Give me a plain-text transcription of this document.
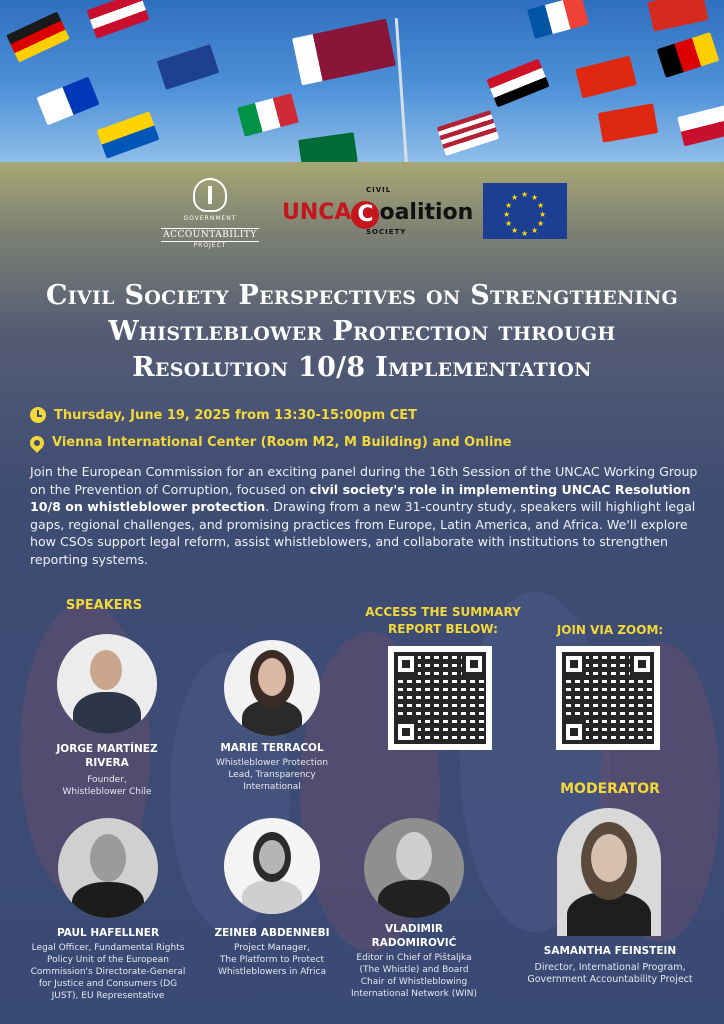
GOVERNMENT
ACCOUNTABILITY
PROJECT
CIVIL
UNCA C oalition
SOCIETY
★ ★
★
★
★
★
★
★
★
★
★
★
Civil Society Perspectives on Strengthening
Whistleblower Protection through
Resolution 10/8 Implementation
Thursday, June 19, 2025 from 13:30-15:00pm CET
Vienna International Center (Room M2, M Building) and Online
Join the European Commission for an exciting panel during the 16th Session of the UNCAC Working Group on the Prevention of Corruption, focused on civil society's role in implementing UNCAC Resolution 10/8 on whistleblower protection. Drawing from a new 31-country study, speakers will highlight legal gaps, regional challenges, and promising practices from Europe, Latin America, and Africa. We'll explore how CSOs support legal reform, assist whistleblowers, and collaborate with institutions to strengthen reporting systems.
SPEAKERS	ACCESS THE SUMMARY
REPORT BELOW:	JOIN VIA ZOOM:
MODERATOR
JORGE MARTÍNEZ
RIVERA
Founder,
Whistleblower Chile
MARIE TERRACOL
Whistleblower Protection
Lead, Transparency
International
PAUL HAFELLNER
Legal Officer, Fundamental Rights
Policy Unit of the European
Commission's Directorate-General
for Justice and Consumers (DG
JUST), EU Representative
ZEINEB ABDENNEBI
Project Manager,
The Platform to Protect
Whistleblowers in Africa
VLADIMIR
RADOMIROVIĆ
Editor in Chief of Pištaljka
(The Whistle) and Board
Chair of Whistleblowing
International Network (WIN)
SAMANTHA FEINSTEIN
Director, International Program,
Government Accountability Project
